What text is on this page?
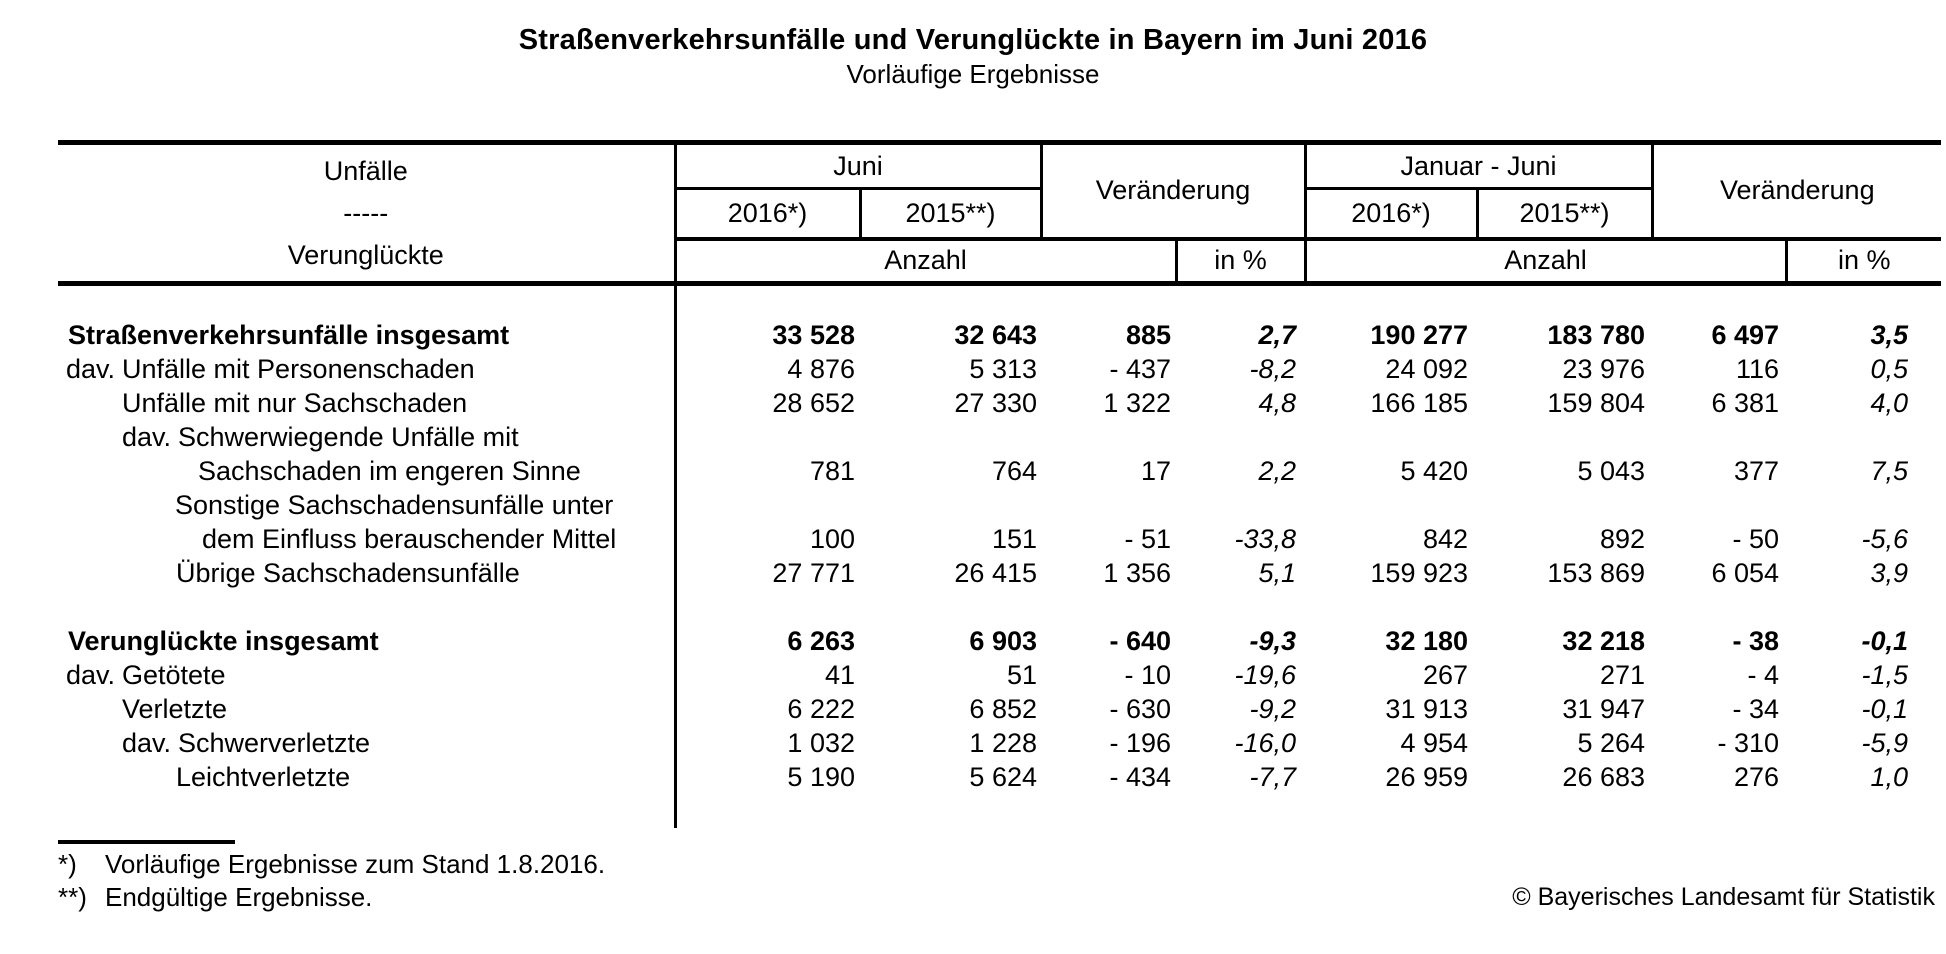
Straßenverkehrsunfälle und Verunglückte in Bayern im Juni 2016
Vorläufige Ergebnisse
Unfälle
-----
Verunglückte	Juni		Veränderung		Januar - Juni		Veränderung	
	2016*)	2015**)			2016*)	2015**)		
	Anzahl			in %	Anzahl			in %

Straßenverkehrsunfälle insgesamt	33 528	32 643	885	2,7	190 277	183 780	6 497	3,5

dav. Unfälle mit Personenschaden	4 876	5 313	- 437	-8,2	24 092	23 976	116	0,5

Unfälle mit nur Sachschaden	28 652	27 330	1 322	4,8	166 185	159 804	6 381	4,0

dav. Schwerwiegende Unfälle mit								

Sachschaden im engeren Sinne	781	764	17	2,2	5 420	5 043	377	7,5

Sonstige Sachschadensunfälle unter								

dem Einfluss berauschender Mittel	100	151	- 51	-33,8	842	892	- 50	-5,6

Übrige Sachschadensunfälle	27 771	26 415	1 356	5,1	159 923	153 869	6 054	3,9

Verunglückte insgesamt	6 263	6 903	- 640	-9,3	32 180	32 218	- 38	-0,1

dav. Getötete	41	51	- 10	-19,6	267	271	- 4	-1,5

Verletzte	6 222	6 852	- 630	-9,2	31 913	31 947	- 34	-0,1

dav. Schwerverletzte	1 032	1 228	- 196	-16,0	4 954	5 264	- 310	-5,9

Leichtverletzte	5 190	5 624	- 434	-7,7	26 959	26 683	276	1,0

*)	Vorläufige Ergebnisse zum Stand 1.8.2016.
**) Endgültige Ergebnisse.	© Bayerisches Landesamt für Statistik
